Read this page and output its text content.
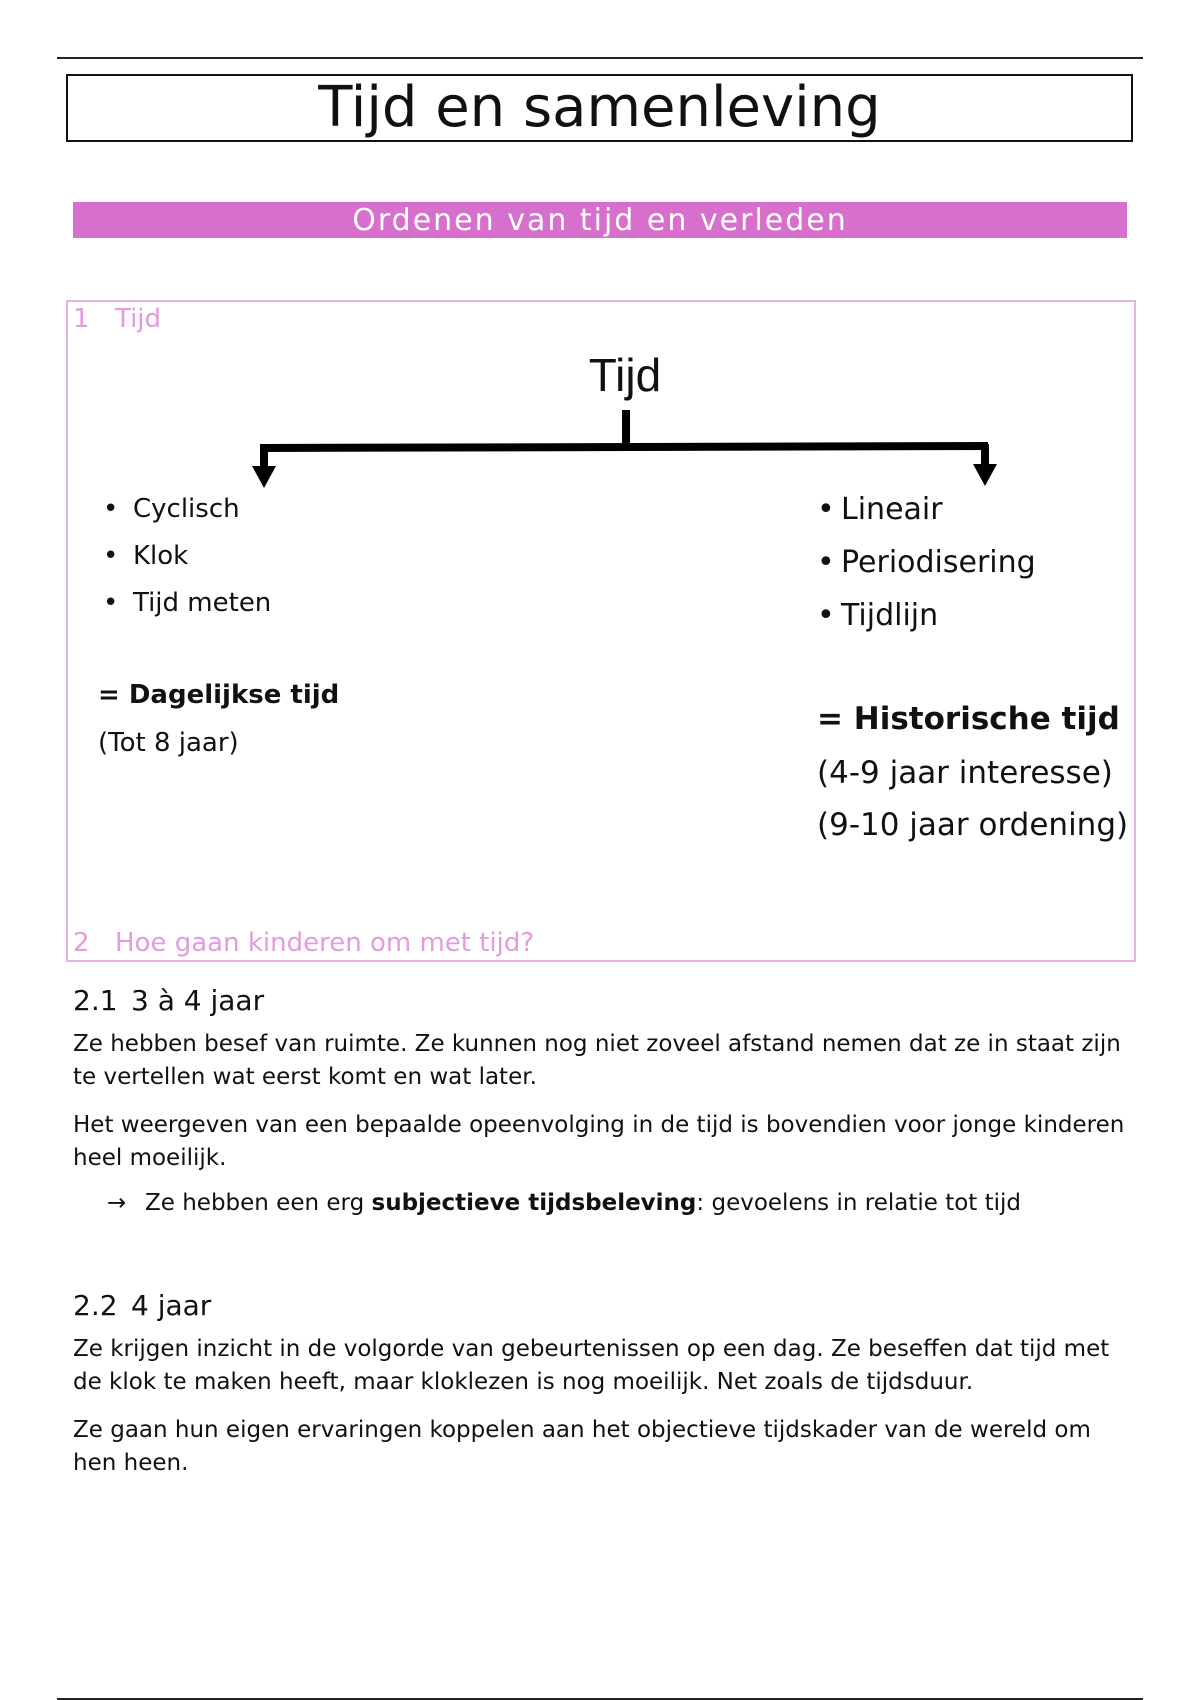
Tijd en samenleving
Ordenen van tijd en verleden
1 Tijd
Tijd
• Cyclisch
• Klok
• Tijd meten
• Lineair
• Periodisering
• Tijdlijn
= Dagelijkse tijd
(Tot 8 jaar)
= Historische tijd
(4-9 jaar interesse)
(9-10 jaar ordening)
2 Hoe gaan kinderen om met tijd?
2.1 3 à 4 jaar

Ze hebben besef van ruimte. Ze kunnen nog niet zoveel afstand nemen dat ze in staat zijn te vertellen wat eerst komt en wat later.

Het weergeven van een bepaalde opeenvolging in de tijd is bovendien voor jonge kinderen heel moeilijk.

→ Ze hebben een erg subjectieve tijdsbeleving: gevoelens in relatie tot tijd
2.2 4 jaar

Ze krijgen inzicht in de volgorde van gebeurtenissen op een dag. Ze beseffen dat tijd met de klok te maken heeft, maar kloklezen is nog moeilijk. Net zoals de tijdsduur.

Ze gaan hun eigen ervaringen koppelen aan het objectieve tijdskader van de wereld om hen heen.
